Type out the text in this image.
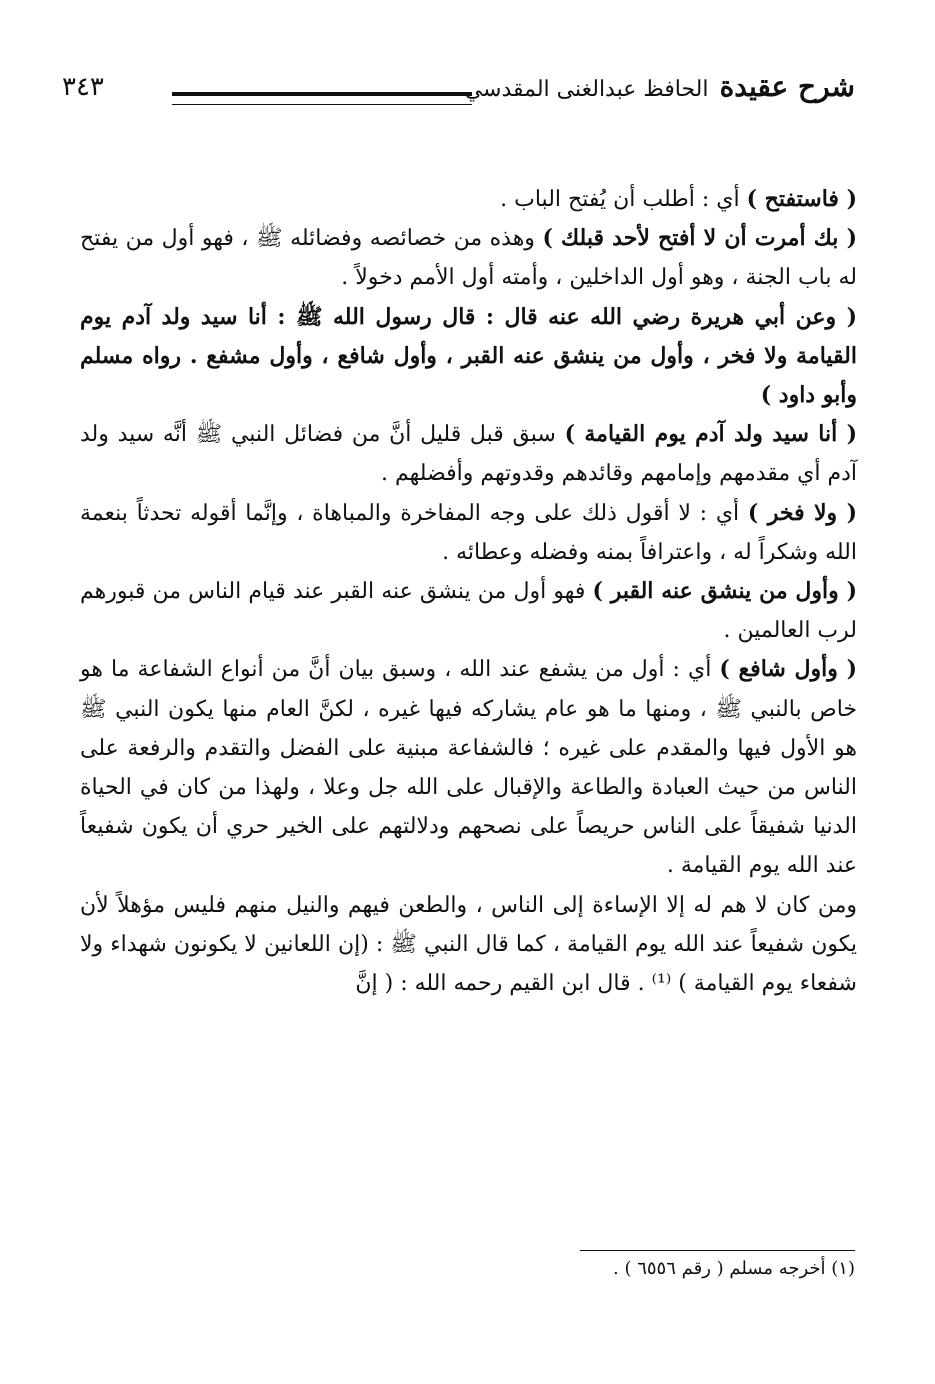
شرح عقيدة الحافظ عبدالغنى المقدسي
٣٤٣

( فاستفتح ) أي : أطلب أن يُفتح الباب .

( بك أمرت أن لا أفتح لأحد قبلك ) وهذه من خصائصه وفضائله ﷺ ، فهو أول من يفتح له باب الجنة ، وهو أول الداخلين ، وأمته أول الأمم دخولاً .

( وعن أبي هريرة رضي الله عنه قال : قال رسول الله ﷺ : أنا سيد ولد آدم يوم القيامة ولا فخر ، وأول من ينشق عنه القبر ، وأول شافع ، وأول مشفع . رواه مسلم وأبو داود )

( أنا سيد ولد آدم يوم القيامة ) سبق قبل قليل أنَّ من فضائل النبي ﷺ أنَّه سيد ولد آدم أي مقدمهم وإمامهم وقائدهم وقدوتهم وأفضلهم .

( ولا فخر ) أي : لا أقول ذلك على وجه المفاخرة والمباهاة ، وإنَّما أقوله تحدثاً بنعمة الله وشكراً له ، واعترافاً بمنه وفضله وعطائه .

( وأول من ينشق عنه القبر ) فهو أول من ينشق عنه القبر عند قيام الناس من قبورهم لرب العالمين .

( وأول شافع ) أي : أول من يشفع عند الله ، وسبق بيان أنَّ من أنواع الشفاعة ما هو خاص بالنبي ﷺ ، ومنها ما هو عام يشاركه فيها غيره ، لكنَّ العام منها يكون النبي ﷺ هو الأول فيها والمقدم على غيره ؛ فالشفاعة مبنية على الفضل والتقدم والرفعة على الناس من حيث العبادة والطاعة والإقبال على الله جل وعلا ، ولهذا من كان في الحياة الدنيا شفيقاً على الناس حريصاً على نصحهم ودلالتهم على الخير حري أن يكون شفيعاً عند الله يوم القيامة .

ومن كان لا هم له إلا الإساءة إلى الناس ، والطعن فيهم والنيل منهم فليس مؤهلاً لأن يكون شفيعاً عند الله يوم القيامة ، كما قال النبي ﷺ : (إن اللعانين لا يكونون شهداء ولا شفعاء يوم القيامة ) ⁽¹⁾ . قال ابن القيم رحمه الله : ( إنَّ

(١) أخرجه مسلم ( رقم ٦٥٥٦ ) .
